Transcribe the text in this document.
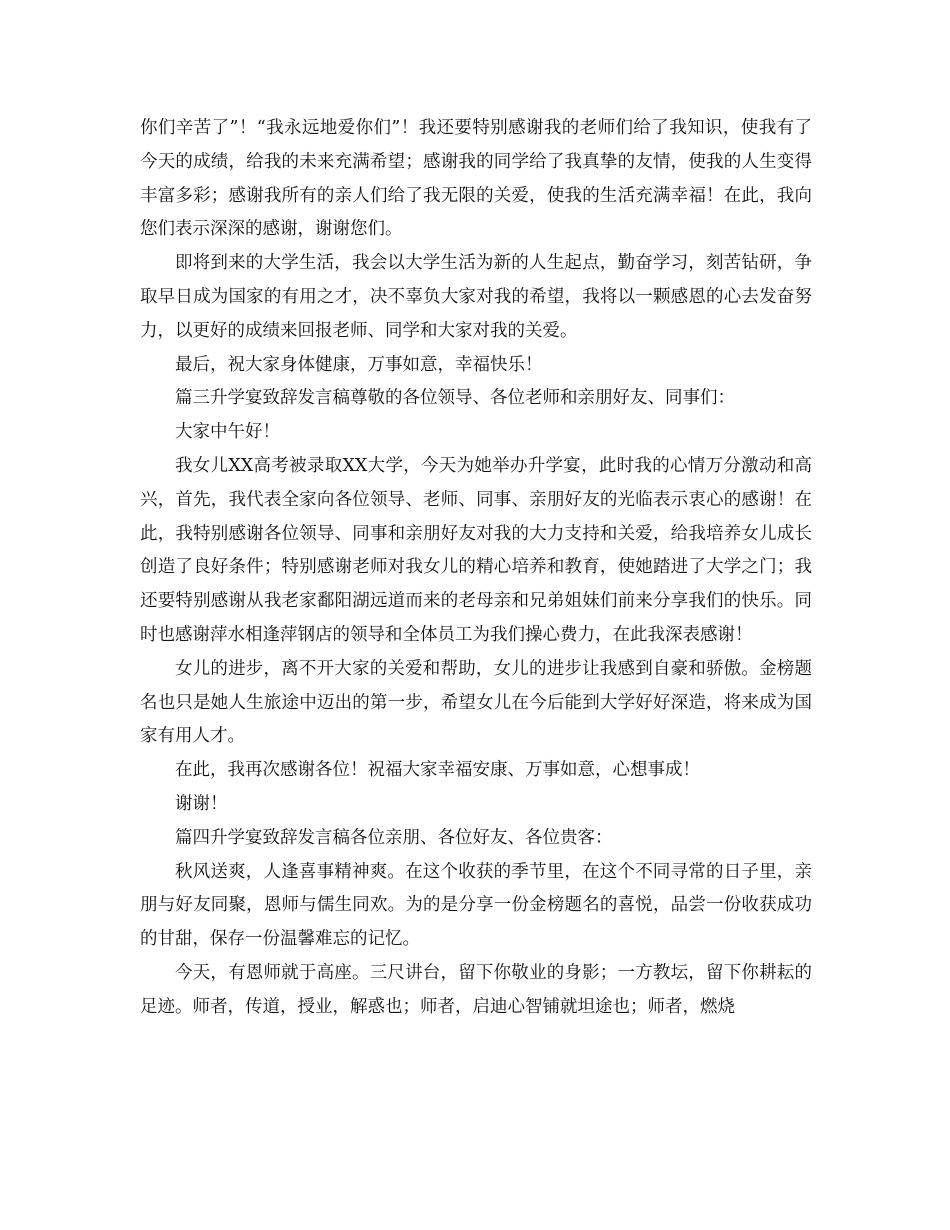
你们辛苦了”！“我永远地爱你们”！我还要特别感谢我的老师们给了我知识，使我有了今天的成绩，给我的未来充满希望；感谢我的同学给了我真挚的友情，使我的人生变得丰富多彩；感谢我所有的亲人们给了我无限的关爱，使我的生活充满幸福！在此，我向您们表示深深的感谢，谢谢您们。

即将到来的大学生活，我会以大学生活为新的人生起点，勤奋学习，刻苦钻研，争取早日成为国家的有用之才，决不辜负大家对我的希望，我将以一颗感恩的心去发奋努力，以更好的成绩来回报老师、同学和大家对我的关爱。

最后，祝大家身体健康，万事如意，幸福快乐！

篇三升学宴致辞发言稿尊敬的各位领导、各位老师和亲朋好友、同事们：

大家中午好！

我女儿XX高考被录取XX大学，今天为她举办升学宴，此时我的心情万分激动和高兴，首先，我代表全家向各位领导、老师、同事、亲朋好友的光临表示衷心的感谢！在此，我特别感谢各位领导、同事和亲朋好友对我的大力支持和关爱，给我培养女儿成长创造了良好条件；特别感谢老师对我女儿的精心培养和教育，使她踏进了大学之门；我还要特别感谢从我老家鄱阳湖远道而来的老母亲和兄弟姐妹们前来分享我们的快乐。同时也感谢萍水相逢萍钢店的领导和全体员工为我们操心费力，在此我深表感谢！

女儿的进步，离不开大家的关爱和帮助，女儿的进步让我感到自豪和骄傲。金榜题名也只是她人生旅途中迈出的第一步，希望女儿在今后能到大学好好深造，将来成为国家有用人才。

在此，我再次感谢各位！祝福大家幸福安康、万事如意，心想事成！

谢谢！

篇四升学宴致辞发言稿各位亲朋、各位好友、各位贵客：

秋风送爽，人逢喜事精神爽。在这个收获的季节里，在这个不同寻常的日子里，亲朋与好友同聚，恩师与儒生同欢。为的是分享一份金榜题名的喜悦，品尝一份收获成功的甘甜，保存一份温馨难忘的记忆。

今天，有恩师就于高座。三尺讲台，留下你敬业的身影；一方教坛，留下你耕耘的足迹。师者，传道，授业，解惑也；师者，启迪心智铺就坦途也；师者，燃烧
